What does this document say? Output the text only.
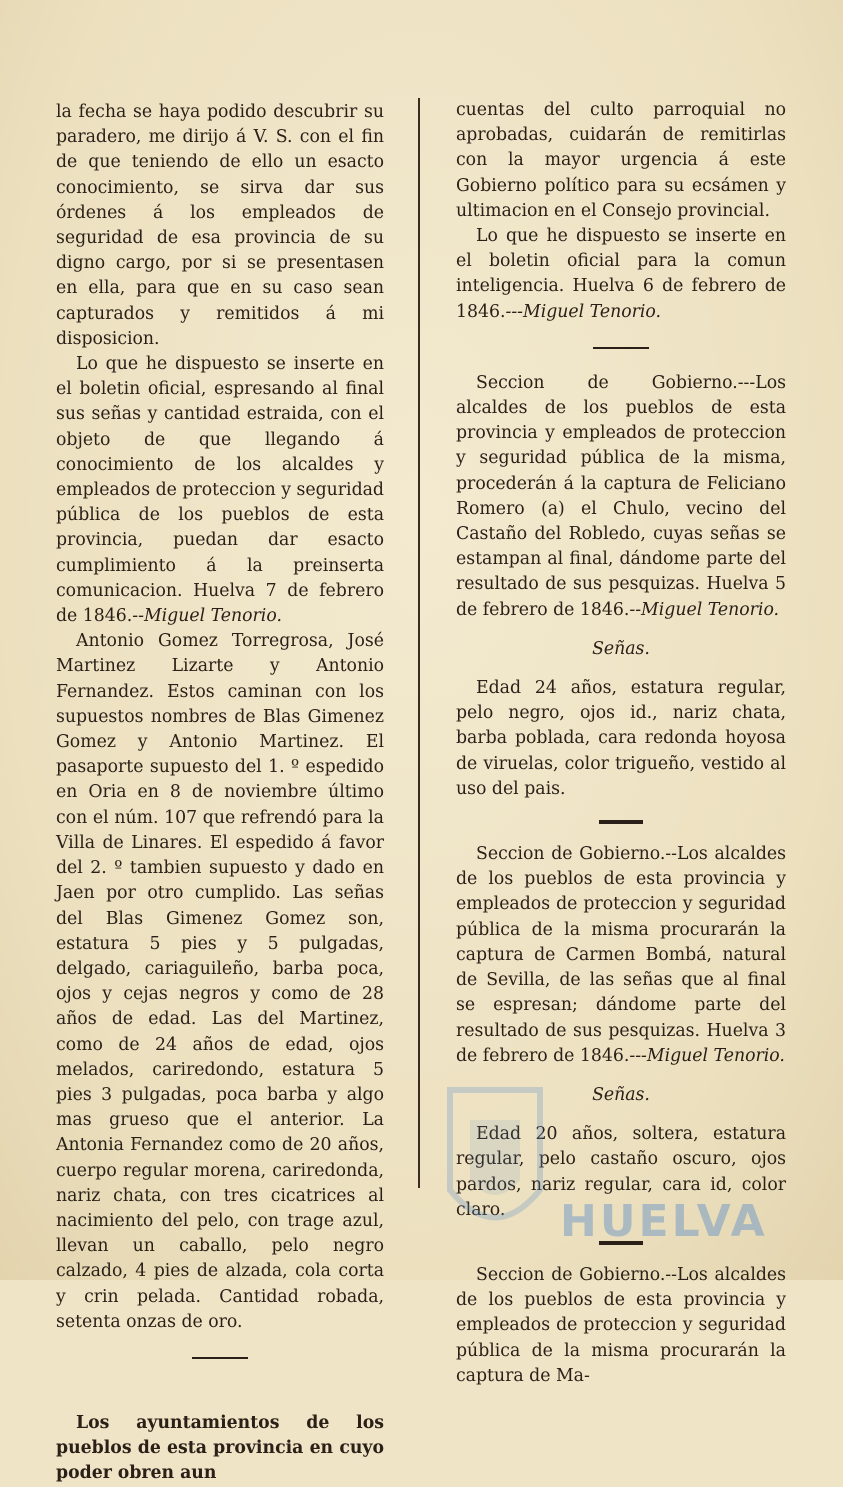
la fecha se haya podido descubrir su paradero, me dirijo á V. S. con el fin de que teniendo de ello un esacto conocimiento, se sirva dar sus órdenes á los empleados de seguridad de esa provincia de su digno cargo, por si se presentasen en ella, para que en su caso sean capturados y remitidos á mi disposicion.

Lo que he dispuesto se inserte en el boletin oficial, espresando al final sus señas y cantidad estraida, con el objeto de que llegando á conocimiento de los alcaldes y empleados de proteccion y seguridad pública de los pueblos de esta provincia, puedan dar esacto cumplimiento á la preinserta comunicacion. Huelva 7 de febrero de 1846.--Miguel Tenorio.

Antonio Gomez Torregrosa, José Martinez Lizarte y Antonio Fernandez. Estos caminan con los supuestos nombres de Blas Gimenez Gomez y Antonio Martinez. El pasaporte supuesto del 1. º espedido en Oria en 8 de noviembre último con el núm. 107 que refrendó para la Villa de Linares. El espedido á favor del 2. º tambien supuesto y dado en Jaen por otro cumplido. Las señas del Blas Gimenez Gomez son, estatura 5 pies y 5 pulgadas, delgado, cariaguileño, barba poca, ojos y cejas negros y como de 28 años de edad. Las del Martinez, como de 24 años de edad, ojos melados, cariredondo, estatura 5 pies 3 pulgadas, poca barba y algo mas grueso que el anterior. La Antonia Fernandez como de 20 años, cuerpo regular morena, cariredonda, nariz chata, con tres cicatrices al nacimiento del pelo, con trage azul, llevan un caballo, pelo negro calzado, 4 pies de alzada, cola corta y crin pelada. Cantidad robada, setenta onzas de oro.

Los ayuntamientos de los pueblos de esta provincia en cuyo poder obren aun

cuentas del culto parroquial no aprobadas, cuidarán de remitirlas con la mayor urgencia á este Gobierno político para su ecsámen y ultimacion en el Consejo provincial.

Lo que he dispuesto se inserte en el boletin oficial para la comun inteligencia. Huelva 6 de febrero de 1846.---Miguel Tenorio.

Seccion de Gobierno.---Los alcaldes de los pueblos de esta provincia y empleados de proteccion y seguridad pública de la misma, procederán á la captura de Feliciano Romero (a) el Chulo, vecino del Castaño del Robledo, cuyas señas se estampan al final, dándome parte del resultado de sus pesquizas. Huelva 5 de febrero de 1846.--Miguel Tenorio.

Señas.

Edad 24 años, estatura regular, pelo negro, ojos id., nariz chata, barba poblada, cara redonda hoyosa de viruelas, color trigueño, vestido al uso del pais.

Seccion de Gobierno.--Los alcaldes de los pueblos de esta provincia y empleados de proteccion y seguridad pública de la misma procurarán la captura de Carmen Bombá, natural de Sevilla, de las señas que al final se espresan; dándome parte del resultado de sus pesquizas. Huelva 3 de febrero de 1846.---Miguel Tenorio.

Señas.

Edad 20 años, soltera, estatura regular, pelo castaño oscuro, ojos pardos, nariz regular, cara id, color claro.

Seccion de Gobierno.--Los alcaldes de los pueblos de esta provincia y empleados de proteccion y seguridad pública de la misma procurarán la captura de Ma-

HUELVA
